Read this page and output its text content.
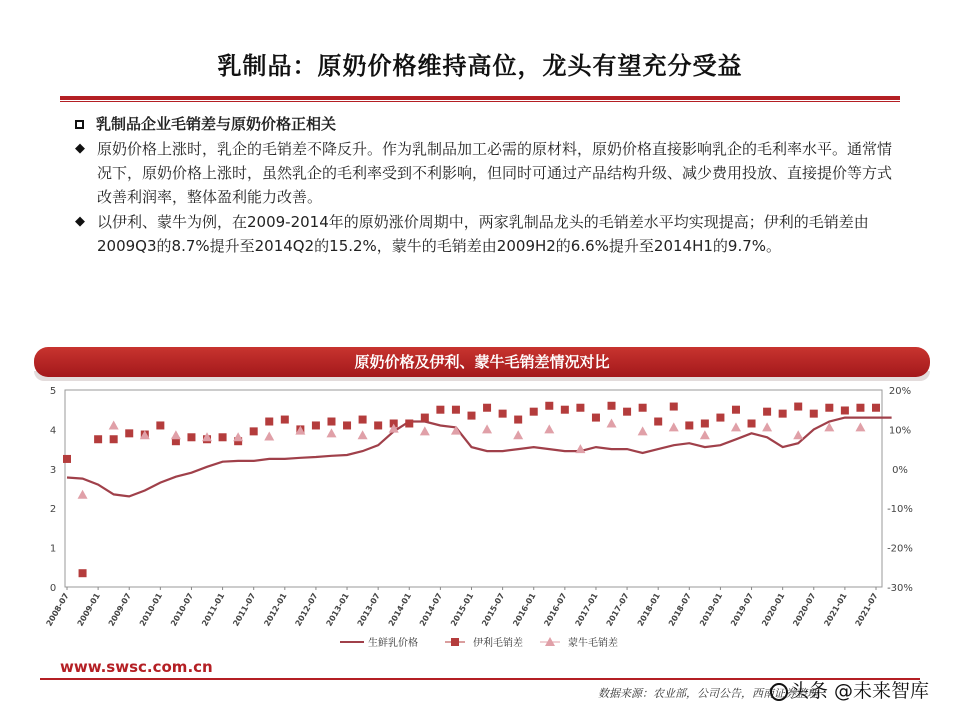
乳制品：原奶价格维持高位，龙头有望充分受益
乳制品企业毛销差与原奶价格正相关
◆ 原奶价格上涨时，乳企的毛销差不降反升。作为乳制品加工必需的原材料，原奶价格直接影响乳企的毛利率水平。通常情况下，原奶价格上涨时，虽然乳企的毛利率受到不利影响，但同时可通过产品结构升级、减少费用投放、直接提价等方式改善利润率，整体盈利能力改善。
◆ 以伊利、蒙牛为例，在2009-2014年的原奶涨价周期中，两家乳制品龙头的毛销差水平均实现提高；伊利的毛销差由2009Q3的8.7%提升至2014Q2的15.2%，蒙牛的毛销差由2009H2的6.6%提升至2014H1的9.7%。
原奶价格及伊利、蒙牛毛销差情况对比
0
1
2
3
4
5
-30%
-20%
-10%
0%
10%
20%
2008-07 2009-01 2009-07 2010-01 2010-07 2011-01 2011-07 2012-01 2012-07 2013-01 2013-07 2014-01 2014-07 2015-01 2015-07 2016-01 2016-07 2017-01 2017-07 2018-01 2018-07 2019-01 2019-07 2020-01 2020-07 2021-01 2021-07
生鲜乳价格	伊利毛销差	蒙牛毛销差
www.swsc.com.cn
数据来源：农业部，公司公告，西南证券整理
头条 @未来智库
